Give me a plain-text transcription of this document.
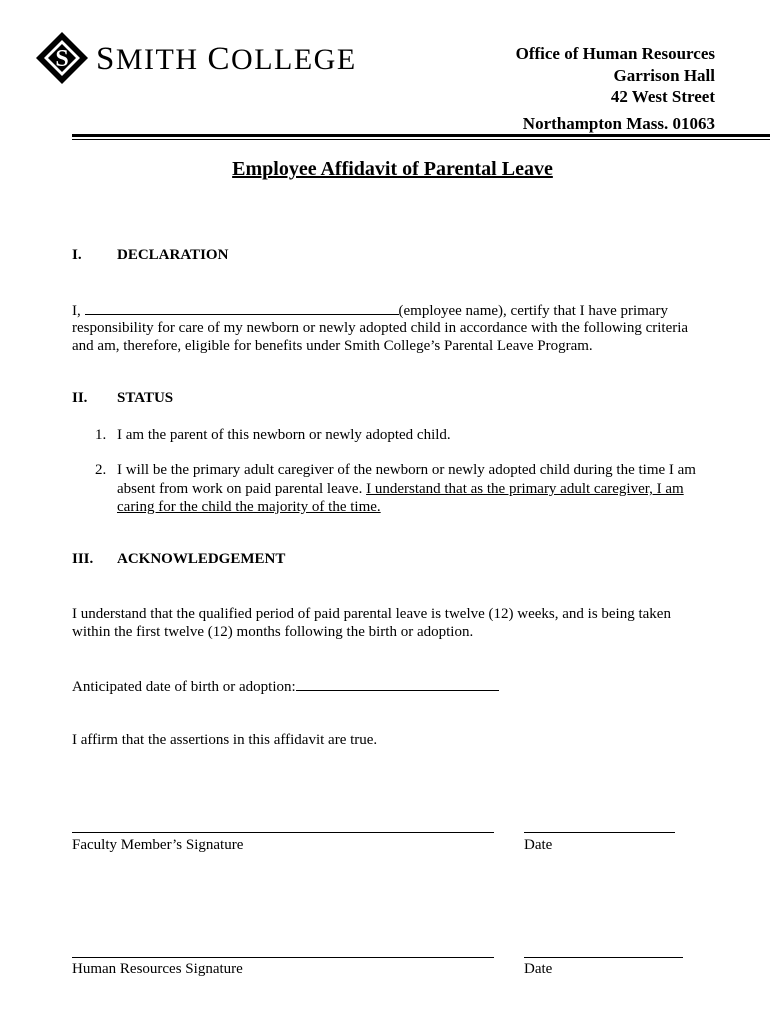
S SMITH COLLEGE	Office of Human Resources
Garrison Hall
42 West Street
Northampton Mass. 01063
Employee Affidavit of Parental Leave
I. DECLARATION
I,	(employee name), certify that I have primary
responsibility for care of my newborn or newly adopted child in accordance with the following criteria
and am, therefore, eligible for benefits under Smith College’s Parental Leave Program.
II. STATUS
1. I am the parent of this newborn or newly adopted child.
2. I will be the primary adult caregiver of the newborn or newly adopted child during the time I am
absent from work on paid parental leave. I understand that as the primary adult caregiver, I am
caring for the child the majority of the time.
III. ACKNOWLEDGEMENT
I understand that the qualified period of paid parental leave is twelve (12) weeks, and is being taken
within the first twelve (12) months following the birth or adoption.
Anticipated date of birth or adoption:
I affirm that the assertions in this affidavit are true.
Faculty Member’s Signature	Date
Human Resources Signature	Date
